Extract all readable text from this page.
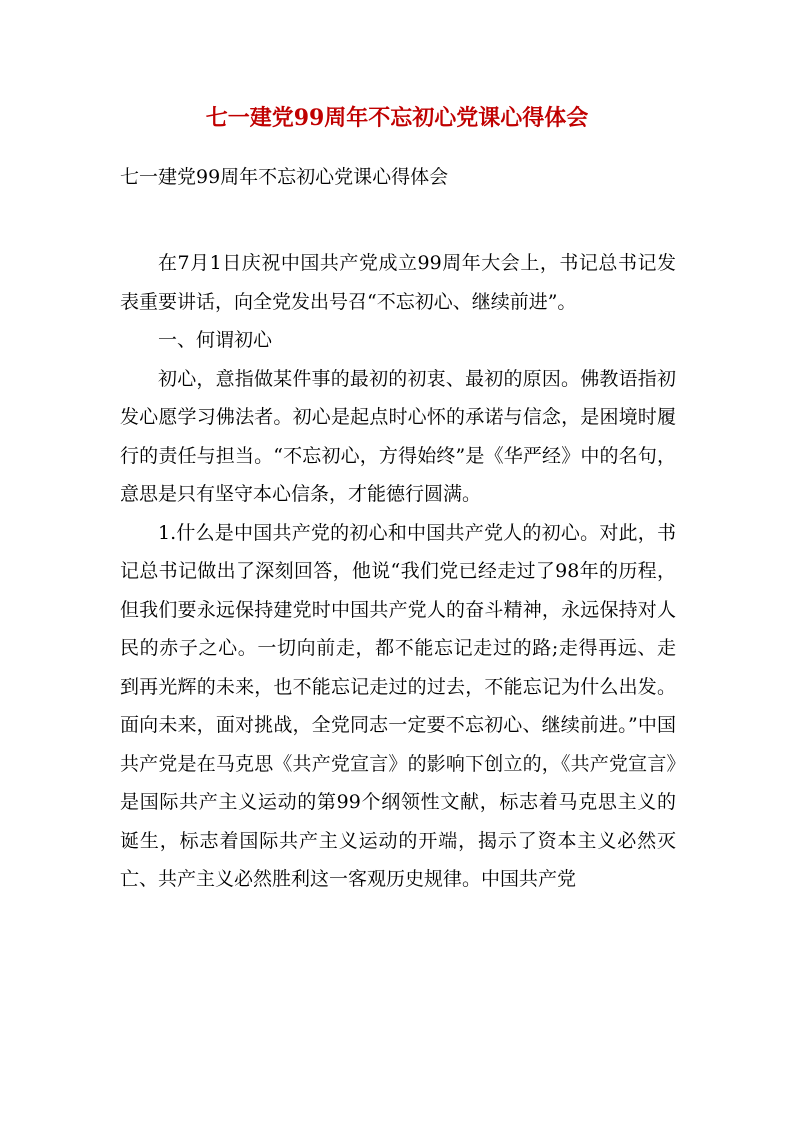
七一建党99周年不忘初心党课心得体会

七一建党99周年不忘初心党课心得体会

在7月1日庆祝中国共产党成立99周年大会上，书记总书记发表重要讲话，向全党发出号召“不忘初心、继续前进”。

一、何谓初心

初心，意指做某件事的最初的初衷、最初的原因。佛教语指初发心愿学习佛法者。初心是起点时心怀的承诺与信念，是困境时履行的责任与担当。“不忘初心，方得始终”是《华严经》中的名句，意思是只有坚守本心信条，才能德行圆满。

1.什么是中国共产党的初心和中国共产党人的初心。对此，书记总书记做出了深刻回答，他说“我们党已经走过了98年的历程，但我们要永远保持建党时中国共产党人的奋斗精神，永远保持对人民的赤子之心。一切向前走，都不能忘记走过的路;走得再远、走到再光辉的未来，也不能忘记走过的过去，不能忘记为什么出发。面向未来，面对挑战，全党同志一定要不忘初心、继续前进。”中国共产党是在马克思《共产党宣言》的影响下创立的，《共产党宣言》是国际共产主义运动的第99个纲领性文献，标志着马克思主义的诞生，标志着国际共产主义运动的开端，揭示了资本主义必然灭亡、共产主义必然胜利这一客观历史规律。中国共产党
